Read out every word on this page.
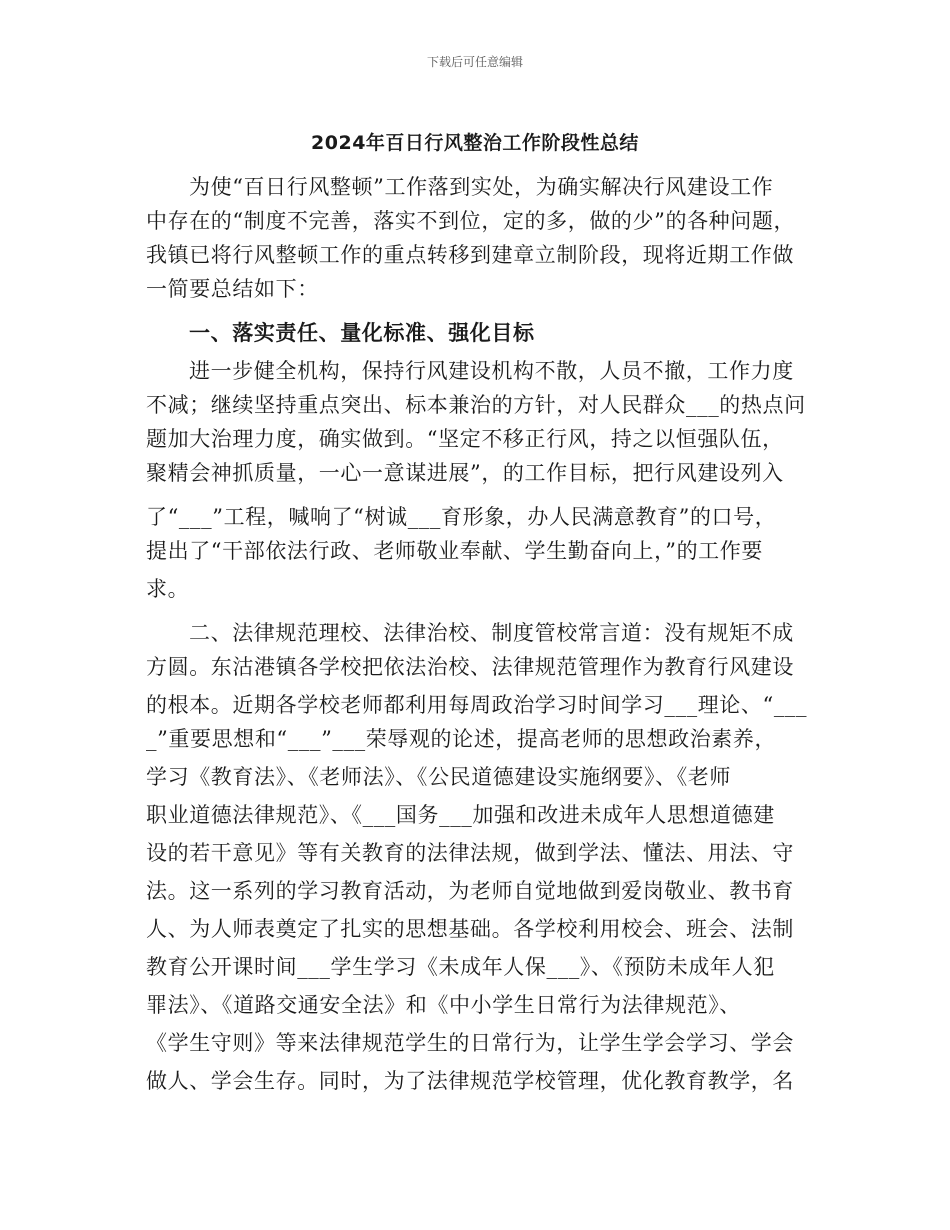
下载后可任意编辑
2024年百日行风整治工作阶段性总结
为使“百日行风整顿”工作落到实处，为确实解决行风建设工作
中存在的“制度不完善，落实不到位，定的多，做的少”的各种问题，
我镇已将行风整顿工作的重点转移到建章立制阶段，现将近期工作做
一简要总结如下：
一、落实责任、量化标准、强化目标
进一步健全机构，保持行风建设机构不散，人员不撤，工作力度
不减；继续坚持重点突出、标本兼治的方针，对人民群众___的热点问
题加大治理力度，确实做到。“坚定不移正行风，持之以恒强队伍，
聚精会神抓质量，一心一意谋进展”，的工作目标，把行风建设列入
了“___”工程，喊响了“树诚___育形象，办人民满意教育”的口号，
提出了“干部依法行政、老师敬业奉献、学生勤奋向上，”的工作要
求。
二、法律规范理校、法律治校、制度管校常言道：没有规矩不成
方圆。东沽港镇各学校把依法治校、法律规范管理作为教育行风建设
的根本。近期各学校老师都利用每周政治学习时间学习___理论、“___
_”重要思想和“___”___荣辱观的论述，提高老师的思想政治素养，
学习《教育法》、《老师法》、《公民道德建设实施纲要》、《老师
职业道德法律规范》、《___国务___加强和改进未成年人思想道德建
设的若干意见》等有关教育的法律法规，做到学法、懂法、用法、守
法。这一系列的学习教育活动，为老师自觉地做到爱岗敬业、教书育
人、为人师表奠定了扎实的思想基础。各学校利用校会、班会、法制
教育公开课时间___学生学习《未成年人保___》、《预防未成年人犯
罪法》、《道路交通安全法》和《中小学生日常行为法律规范》、
《学生守则》等来法律规范学生的日常行为，让学生学会学习、学会
做人、学会生存。同时，为了法律规范学校管理，优化教育教学，名
